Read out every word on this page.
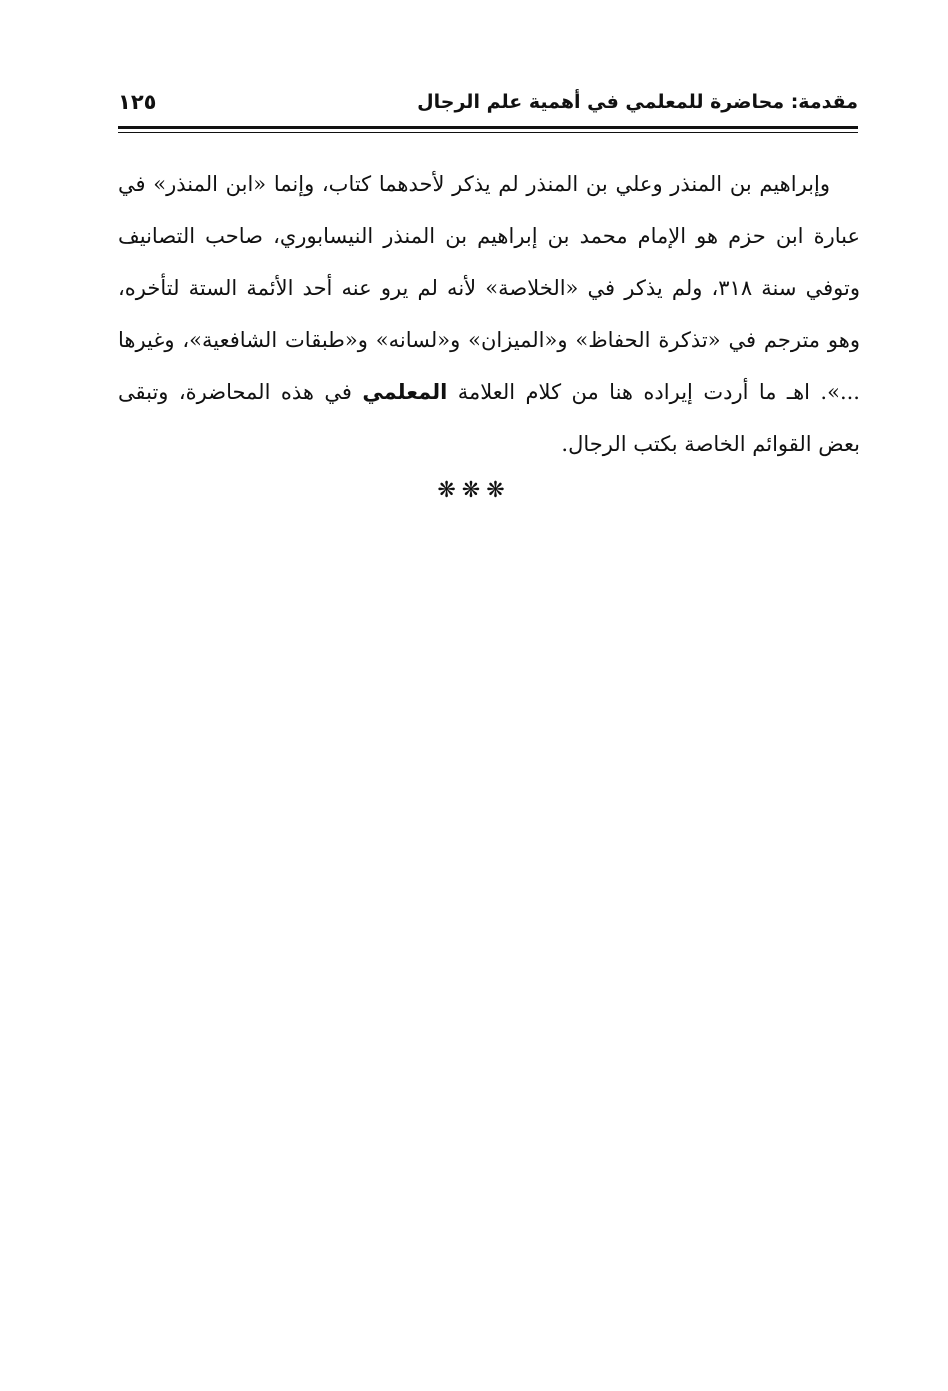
مقدمة: محاضرة للمعلمي في أهمية علم الرجال
١٢٥
وإبراهيم بن المنذر وعلي بن المنذر لم يذكر لأحدهما كتاب، وإنما «ابن المنذر» في
عبارة ابن حزم هو الإمام محمد بن إبراهيم بن المنذر النيسابوري، صاحب التصانيف
وتوفي سنة ٣١٨، ولم يذكر في «الخلاصة» لأنه لم يرو عنه أحد الأئمة الستة لتأخره،
وهو مترجم في «تذكرة الحفاظ» و«الميزان» و«لسانه» و«طبقات الشافعية»، وغيرها
...». اهـ ما أردت إيراده هنا من كلام العلامة المعلمي في هذه المحاضرة، وتبقى
بعض القوائم الخاصة بكتب الرجال.
❋❋❋
